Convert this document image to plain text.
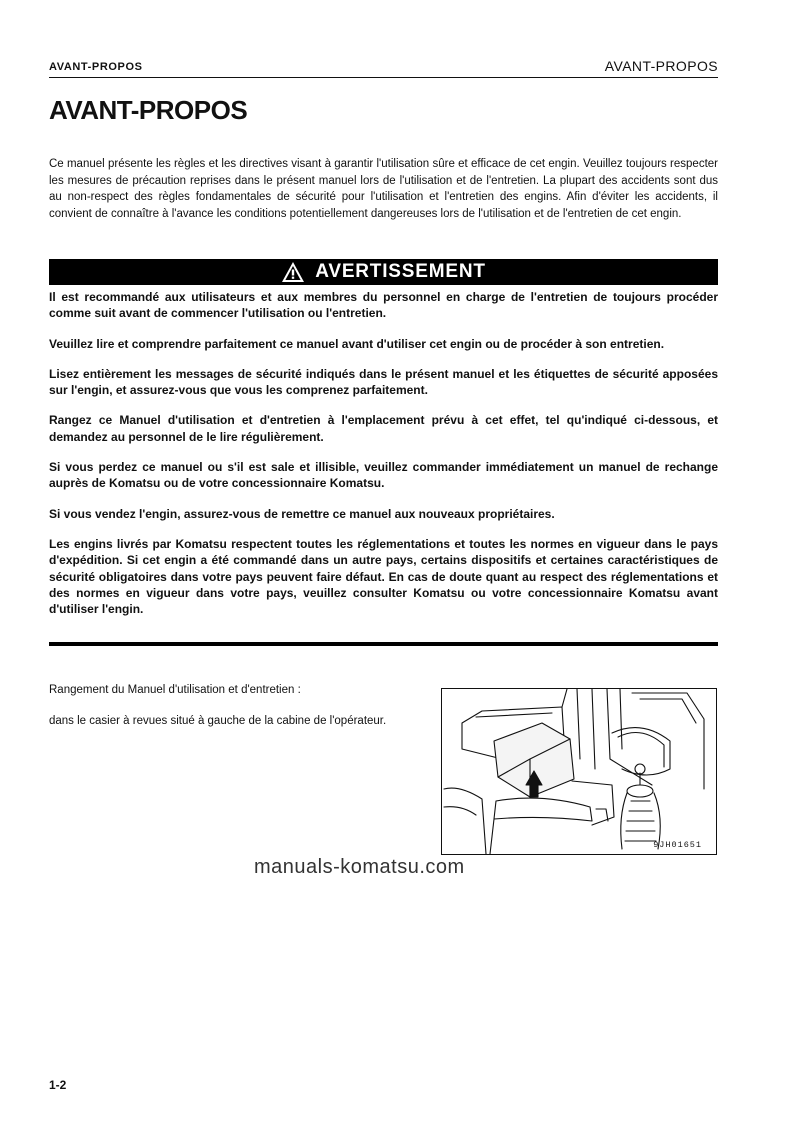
AVANT-PROPOS	AVANT-PROPOS
AVANT-PROPOS

Ce manuel présente les règles et les directives visant à garantir l'utilisation sûre et efficace de cet engin. Veuillez toujours respecter les mesures de précaution reprises dans le présent manuel lors de l'utilisation et de l'entretien. La plupart des accidents sont dus au non-respect des règles fondamentales de sécurité pour l'utilisation et l'entretien des engins. Afin d'éviter les accidents, il convient de connaître à l'avance les conditions potentiellement dangereuses lors de l'utilisation et de l'entretien de cet engin.

AVERTISSEMENT

Il est recommandé aux utilisateurs et aux membres du personnel en charge de l'entretien de toujours procéder comme suit avant de commencer l'utilisation ou l'entretien.

Veuillez lire et comprendre parfaitement ce manuel avant d'utiliser cet engin ou de procéder à son entretien.

Lisez entièrement les messages de sécurité indiqués dans le présent manuel et les étiquettes de sécurité apposées sur l'engin, et assurez-vous que vous les comprenez parfaitement.

Rangez ce Manuel d'utilisation et d'entretien à l'emplacement prévu à cet effet, tel qu'indiqué ci-dessous, et demandez au personnel de le lire régulièrement.

Si vous perdez ce manuel ou s'il est sale et illisible, veuillez commander immédiatement un manuel de rechange auprès de Komatsu ou de votre concessionnaire Komatsu.

Si vous vendez l'engin, assurez-vous de remettre ce manuel aux nouveaux propriétaires.

Les engins livrés par Komatsu respectent toutes les réglementations et toutes les normes en vigueur dans le pays d'expédition. Si cet engin a été commandé dans un autre pays, certains dispositifs et certaines caractéristiques de sécurité obligatoires dans votre pays peuvent faire défaut. En cas de doute quant au respect des réglementations et des normes en vigueur dans votre pays, veuillez consulter Komatsu ou votre concessionnaire Komatsu avant d'utiliser l'engin.

Rangement du Manuel d'utilisation et d'entretien :

dans le casier à revues situé à gauche de la cabine de l'opérateur.

9JH01651
manuals-komatsu.com
1-2
